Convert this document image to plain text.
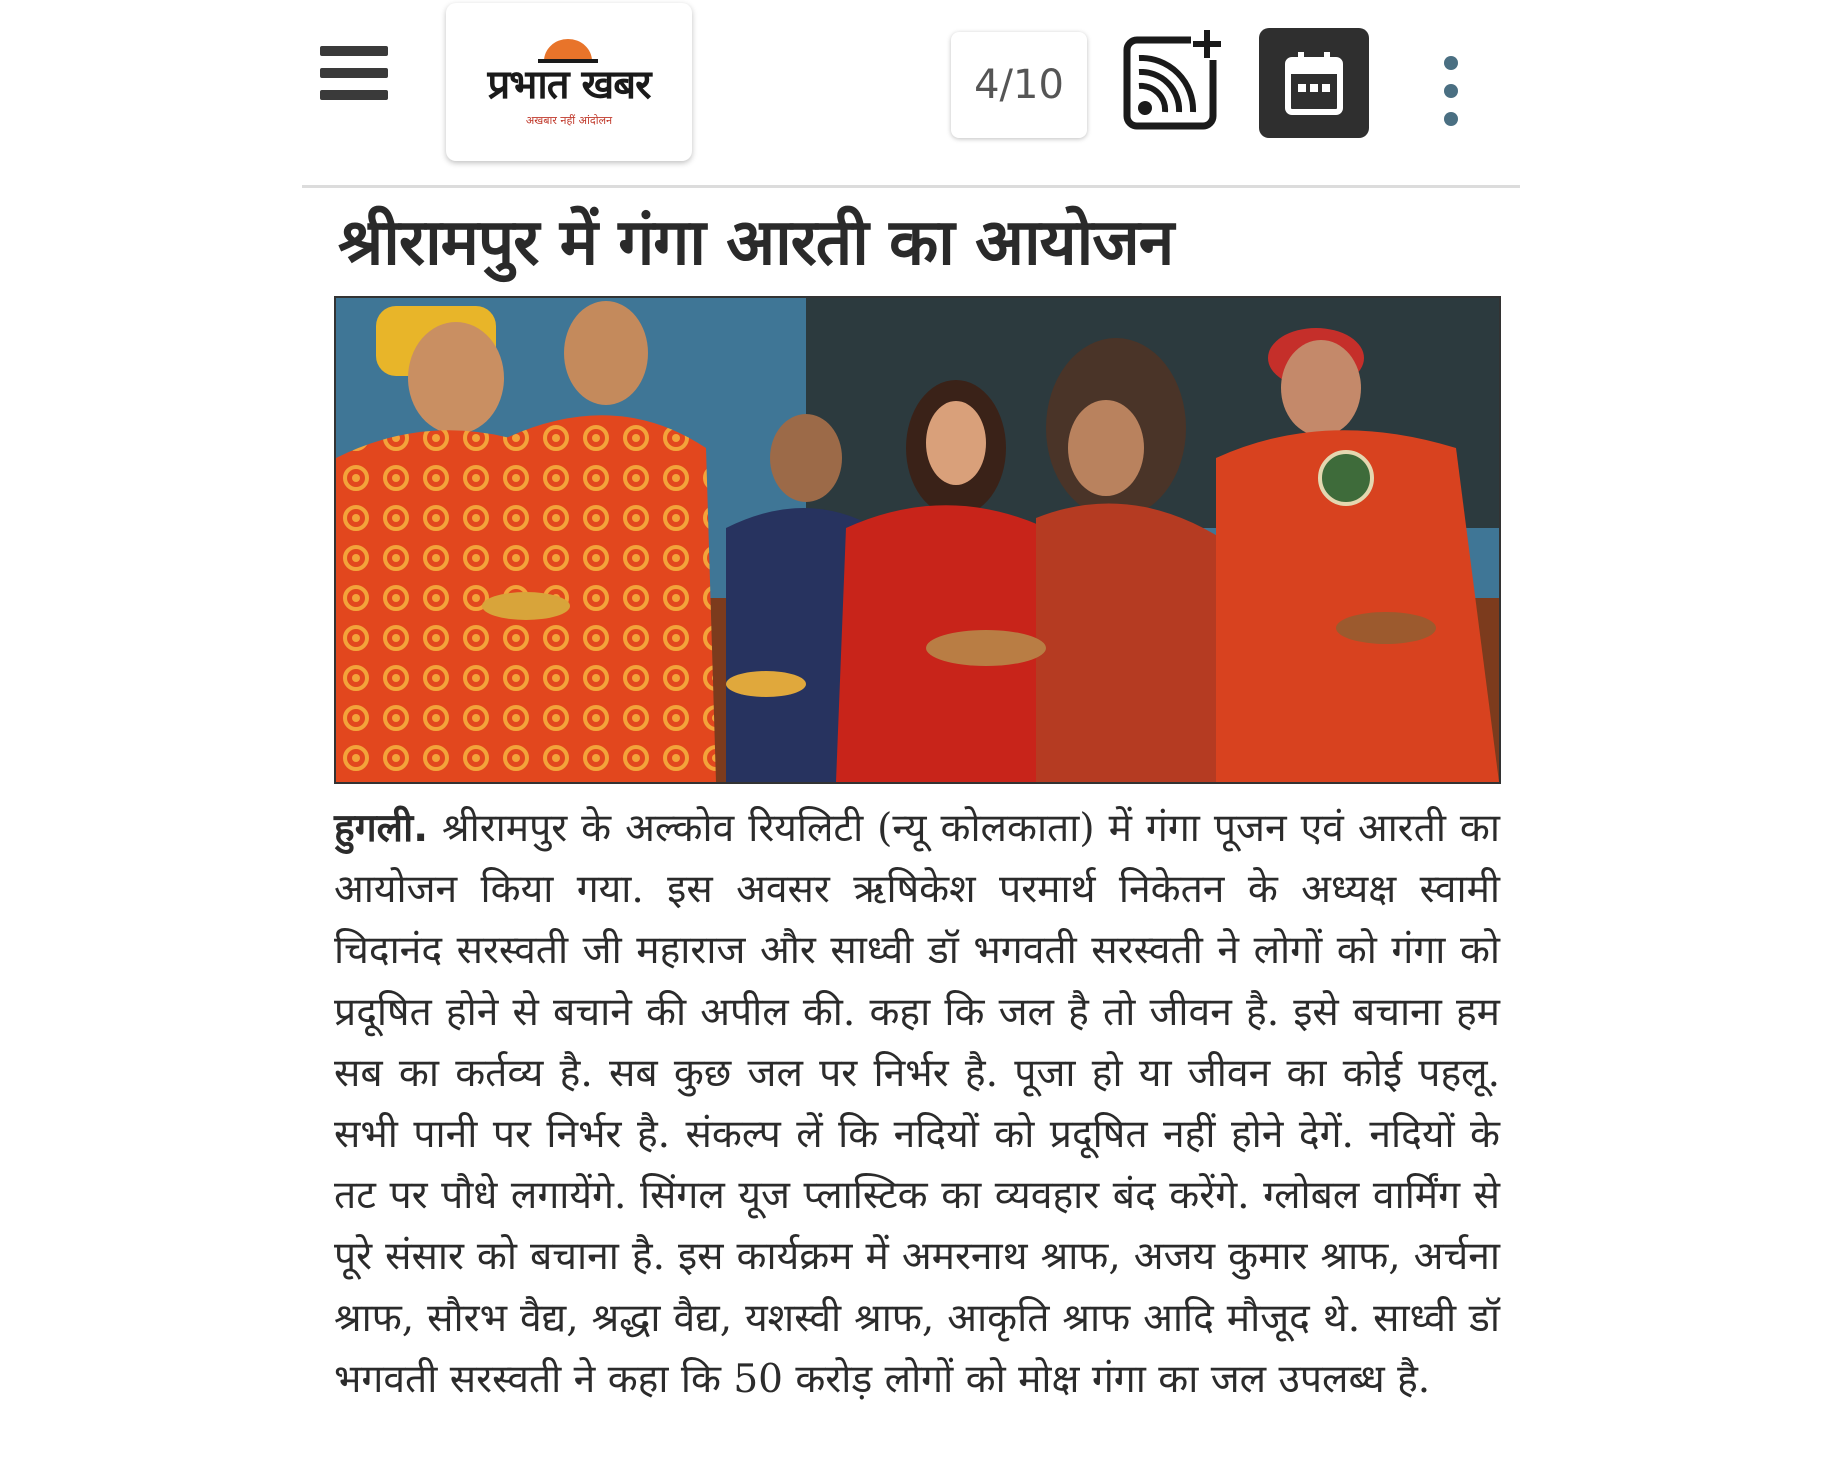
प्रभात खबर
अखबार नहीं आंदोलन
4/10
श्रीरामपुर में गंगा आरती का आयोजन
हुगली. श्रीरामपुर के अल्कोव रियलिटी (न्यू कोलकाता) में गंगा पूजन एवं आरती का आयोजन किया गया. इस अवसर ऋषिकेश परमार्थ निकेतन के अध्यक्ष स्वामी चिदानंद सरस्वती जी महाराज और साध्वी डॉ भगवती सरस्वती ने लोगों को गंगा को प्रदूषित होने से बचाने की अपील की. कहा कि जल है तो जीवन है. इसे बचाना हम सब का कर्तव्य है. सब कुछ जल पर निर्भर है. पूजा हो या जीवन का कोई पहलू. सभी पानी पर निर्भर है. संकल्प लें कि नदियों को प्रदूषित नहीं होने देगें. नदियों के तट पर पौधे लगायेंगे. सिंगल यूज प्लास्टिक का व्यवहार बंद करेंगे. ग्लोबल वार्मिंग से पूरे संसार को बचाना है. इस कार्यक्रम में अमरनाथ श्राफ, अजय कुमार श्राफ, अर्चना श्राफ, सौरभ वैद्य, श्रद्धा वैद्य, यशस्वी श्राफ, आकृति श्राफ आदि मौजूद थे. साध्वी डॉ भगवती सरस्वती ने कहा कि 50 करोड़ लोगों को मोक्ष गंगा का जल उपलब्ध है.
